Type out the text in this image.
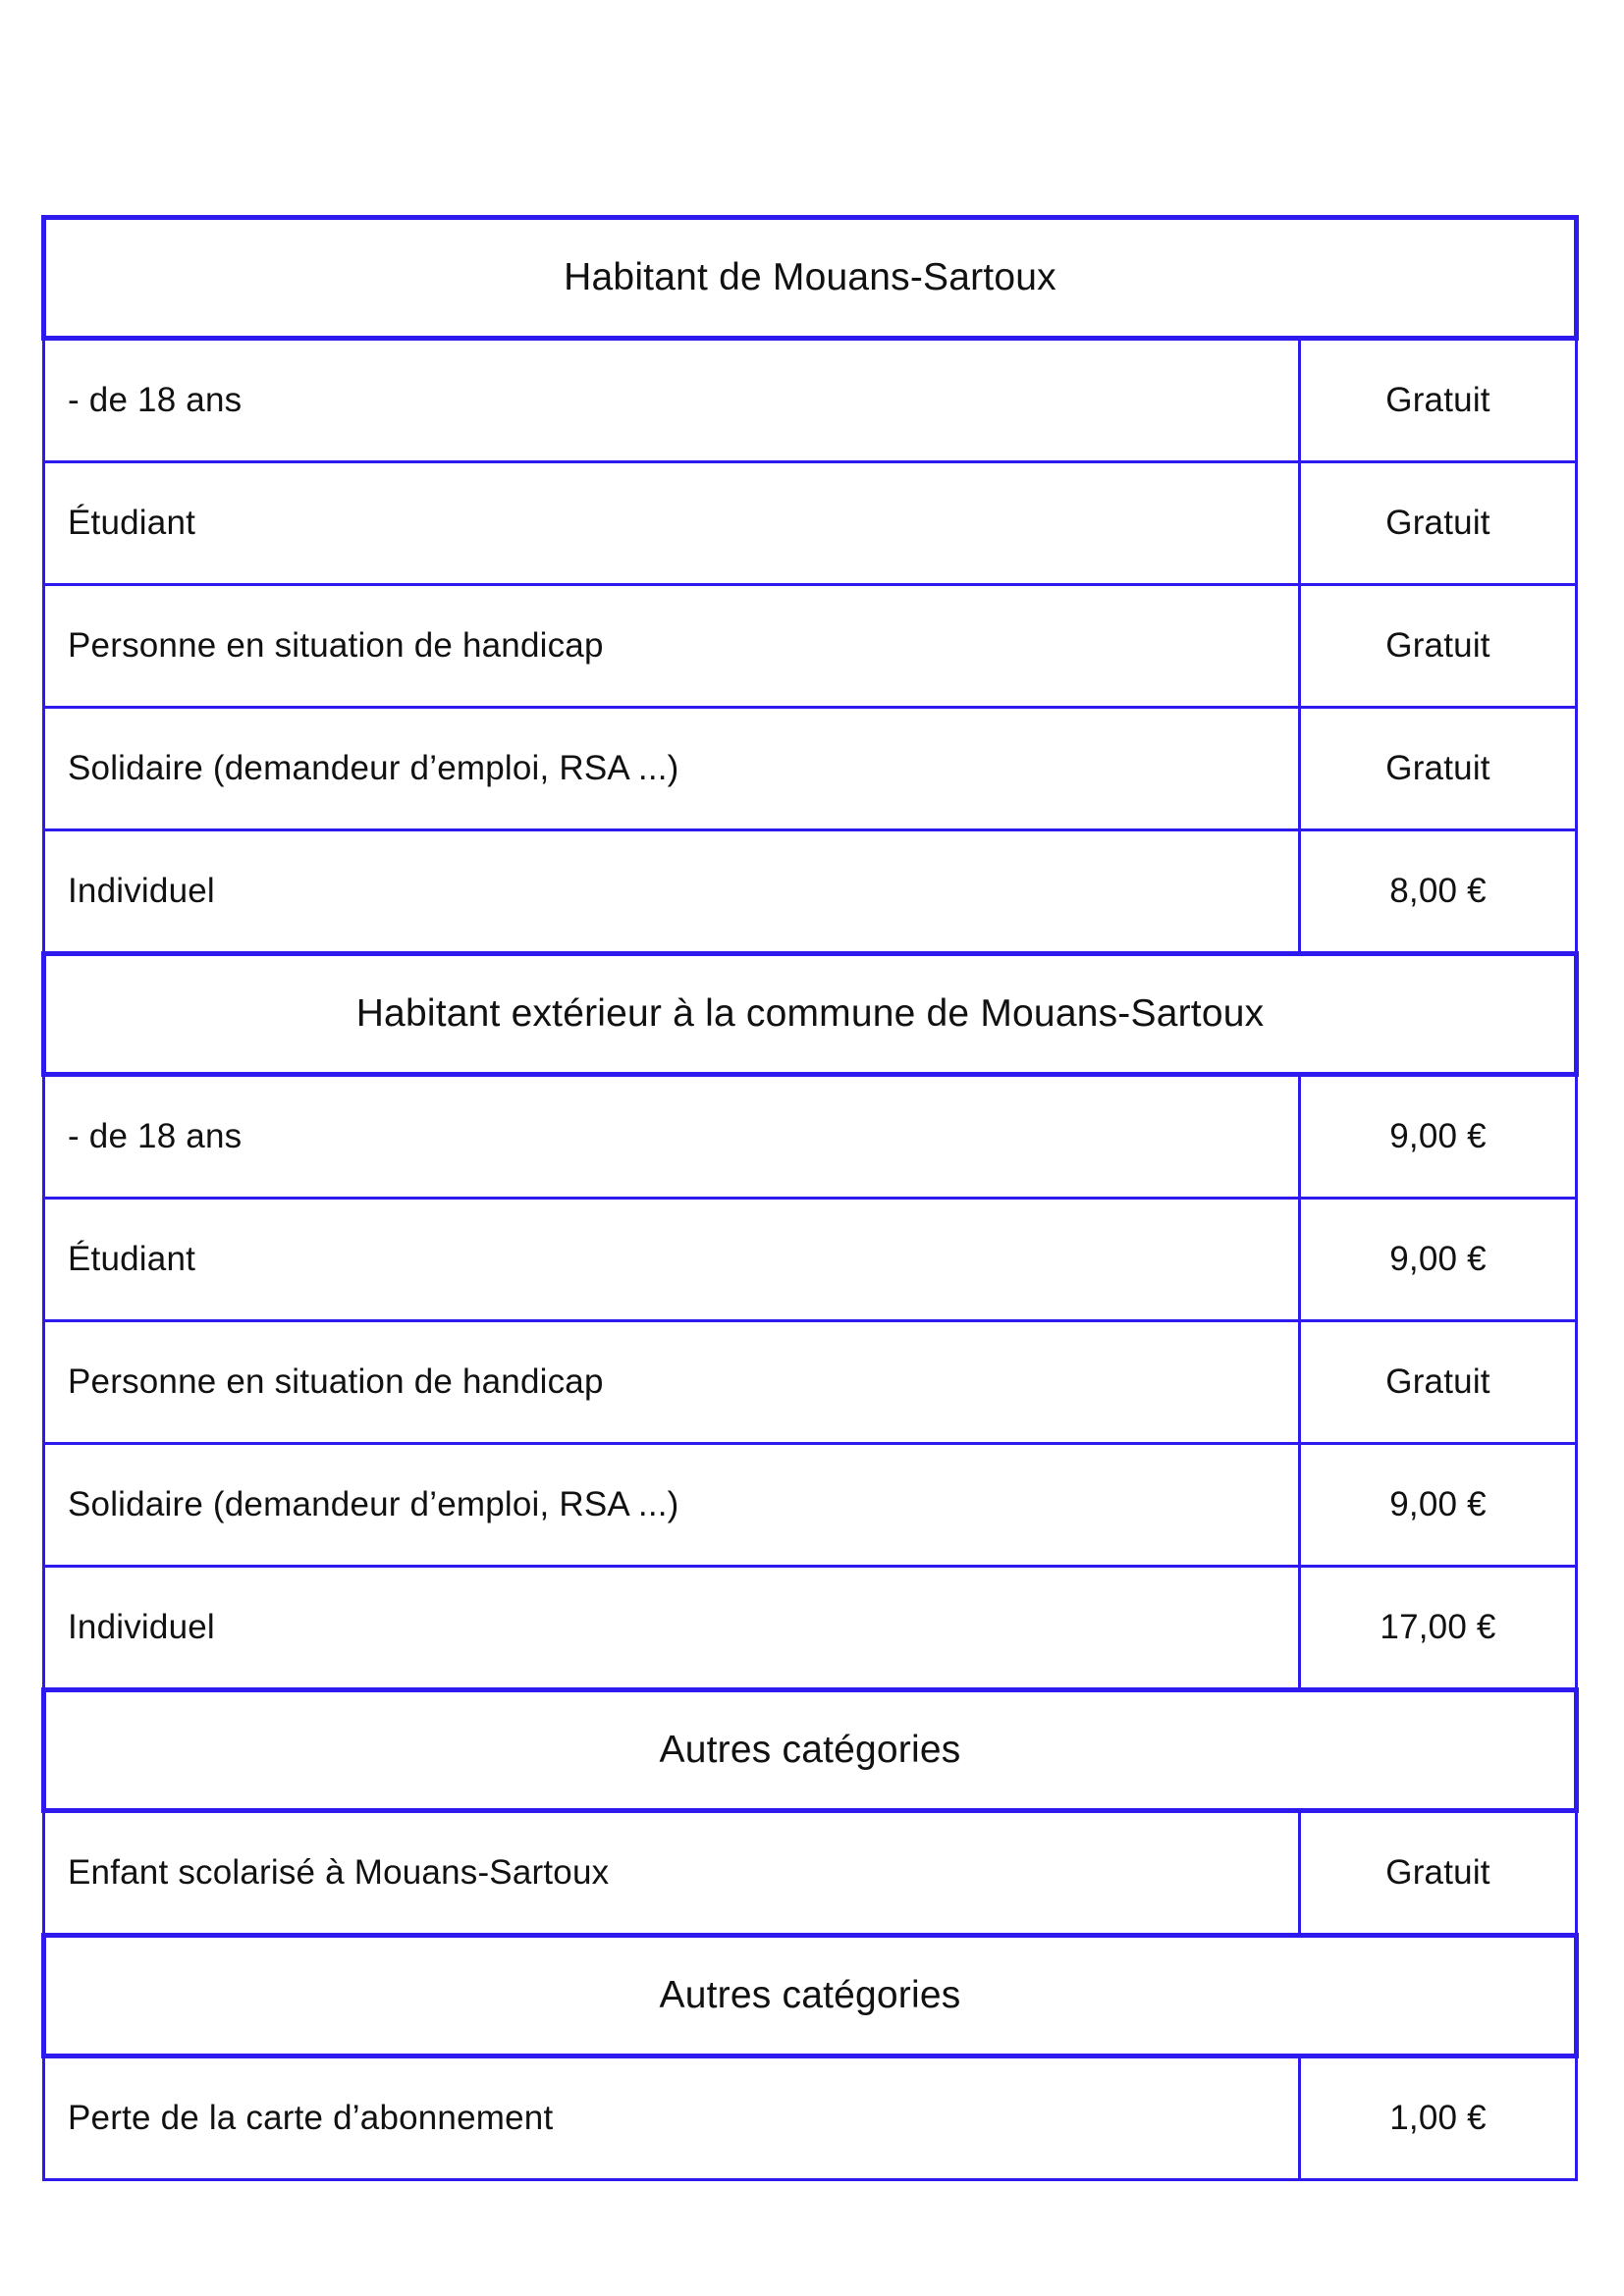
Habitant de Mouans-Sartoux	
- de 18 ans	Gratuit
Étudiant	Gratuit
Personne en situation de handicap	Gratuit
Solidaire (demandeur d’emploi, RSA ...)	Gratuit
Individuel	8,00 €
Habitant extérieur à la commune de Mouans-Sartoux	
- de 18 ans	9,00 €
Étudiant	9,00 €
Personne en situation de handicap	Gratuit
Solidaire (demandeur d’emploi, RSA ...)	9,00 €
Individuel	17,00 €
Autres catégories	
Enfant scolarisé à Mouans-Sartoux	Gratuit
Autres catégories	
Perte de la carte d’abonnement	1,00 €
